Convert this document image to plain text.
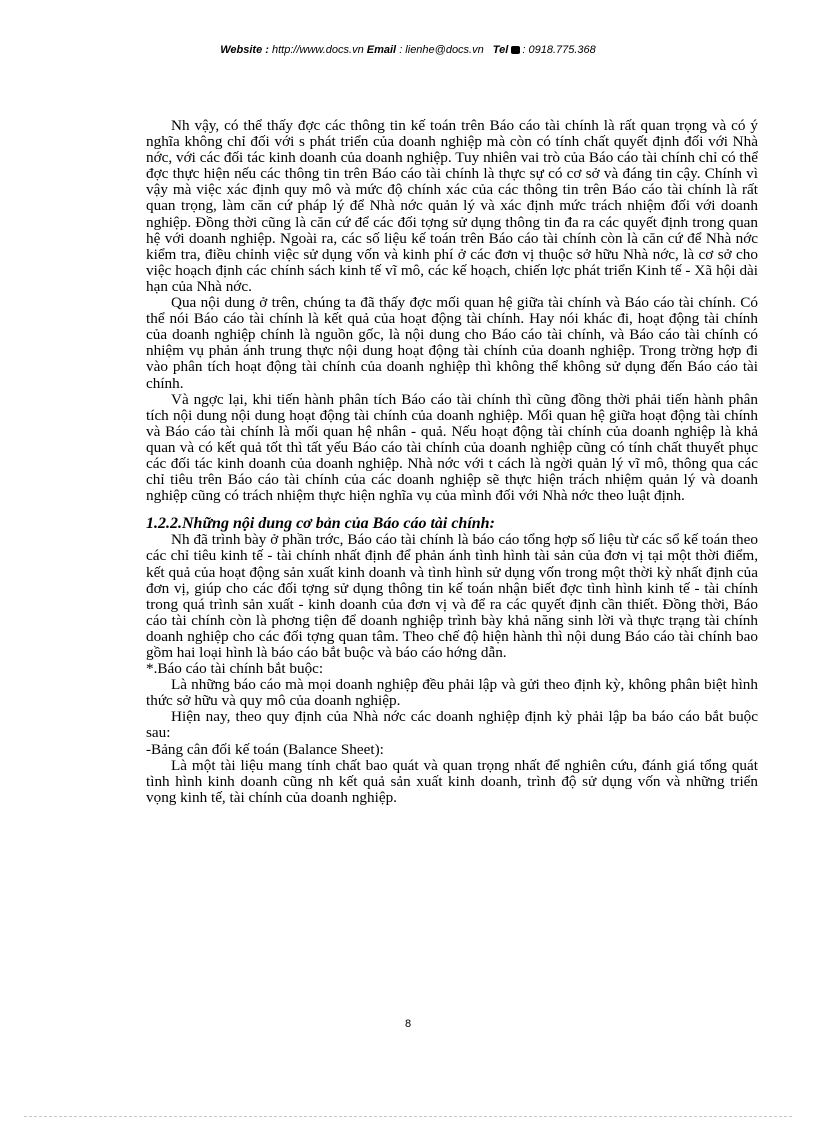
Website : http://www.docs.vn Email : lienhe@docs.vn Tel : 0918.775.368

Nh vậy, có thể thấy đợc các thông tin kế toán trên Báo cáo tài chính là rất quan trọng và có ý nghĩa không chỉ đối với s phát triển của doanh nghiệp mà còn có tính chất quyết định đối với Nhà nớc, với các đối tác kinh doanh của doanh nghiệp. Tuy nhiên vai trò của Báo cáo tài chính chỉ có thể đợc thực hiện nếu các thông tin trên Báo cáo tài chính là thực sự có cơ sở và đáng tin cậy. Chính vì vậy mà việc xác định quy mô và mức độ chính xác của các thông tin trên Báo cáo tài chính là rất quan trọng, làm căn cứ pháp lý để Nhà nớc quản lý và xác định mức trách nhiệm đối với doanh nghiệp. Đồng thời cũng là căn cứ để các đối tợng sử dụng thông tin đa ra các quyết định trong quan hệ với doanh nghiệp. Ngoài ra, các số liệu kế toán trên Báo cáo tài chính còn là căn cứ để Nhà nớc kiểm tra, điều chỉnh việc sử dụng vốn và kinh phí ở các đơn vị thuộc sở hữu Nhà nớc, là cơ sở cho việc hoạch định các chính sách kinh tế vĩ mô, các kế hoạch, chiến lợc phát triển Kinh tế - Xã hội dài hạn của Nhà nớc.

Qua nội dung ở trên, chúng ta đã thấy đợc mối quan hệ giữa tài chính và Báo cáo tài chính. Có thể nói Báo cáo tài chính là kết quả của hoạt động tài chính. Hay nói khác đi, hoạt động tài chính của doanh nghiệp chính là nguồn gốc, là nội dung cho Báo cáo tài chính, và Báo cáo tài chính có nhiệm vụ phản ánh trung thực nội dung hoạt động tài chính của doanh nghiệp. Trong trờng hợp đi vào phân tích hoạt động tài chính của doanh nghiệp thì không thể không sử dụng đến Báo cáo tài chính.

Và ngợc lại, khi tiến hành phân tích Báo cáo tài chính thì cũng đồng thời phải tiến hành phân tích nội dung nội dung hoạt động tài chính của doanh nghiệp. Mối quan hệ giữa hoạt động tài chính và Báo cáo tài chính là mối quan hệ nhân - quả. Nếu hoạt động tài chính của doanh nghiệp là khả quan và có kết quả tốt thì tất yếu Báo cáo tài chính của doanh nghiệp cũng có tính chất thuyết phục các đối tác kinh doanh của doanh nghiệp. Nhà nớc với t cách là ngời quản lý vĩ mô, thông qua các chỉ tiêu trên Báo cáo tài chính của các doanh nghiệp sẽ thực hiện trách nhiệm quản lý và doanh nghiệp cũng có trách nhiệm thực hiện nghĩa vụ của mình đối với Nhà nớc theo luật định.

1.2.2.Những nội dung cơ bản của Báo cáo tài chính:

Nh đã trình bày ở phần trớc, Báo cáo tài chính là báo cáo tổng hợp số liệu từ các sổ kế toán theo các chỉ tiêu kinh tế - tài chính nhất định để phản ánh tình hình tài sản của đơn vị tại một thời điểm, kết quả của hoạt động sản xuất kinh doanh và tình hình sử dụng vốn trong một thời kỳ nhất định của đơn vị, giúp cho các đối tợng sử dụng thông tin kế toán nhận biết đợc tình hình kinh tế - tài chính trong quá trình sản xuất - kinh doanh của đơn vị và để ra các quyết định cần thiết. Đồng thời, Báo cáo tài chính còn là phơng tiện để doanh nghiệp trình bày khả năng sinh lời và thực trạng tài chính doanh nghiệp cho các đối tợng quan tâm. Theo chế độ hiện hành thì nội dung Báo cáo tài chính bao gồm hai loại hình là báo cáo bắt buộc và báo cáo hớng dẫn.

*.Báo cáo tài chính bắt buộc:

Là những báo cáo mà mọi doanh nghiệp đều phải lập và gửi theo định kỳ, không phân biệt hình thức sở hữu và quy mô của doanh nghiệp.

Hiện nay, theo quy định của Nhà nớc các doanh nghiệp định kỳ phải lập ba báo cáo bắt buộc sau:

-Bảng cân đối kế toán (Balance Sheet):

Là một tài liệu mang tính chất bao quát và quan trọng nhất để nghiên cứu, đánh giá tổng quát tình hình kinh doanh cũng nh kết quả sản xuất kinh doanh, trình độ sử dụng vốn và những triển vọng kinh tế, tài chính của doanh nghiệp.

8
